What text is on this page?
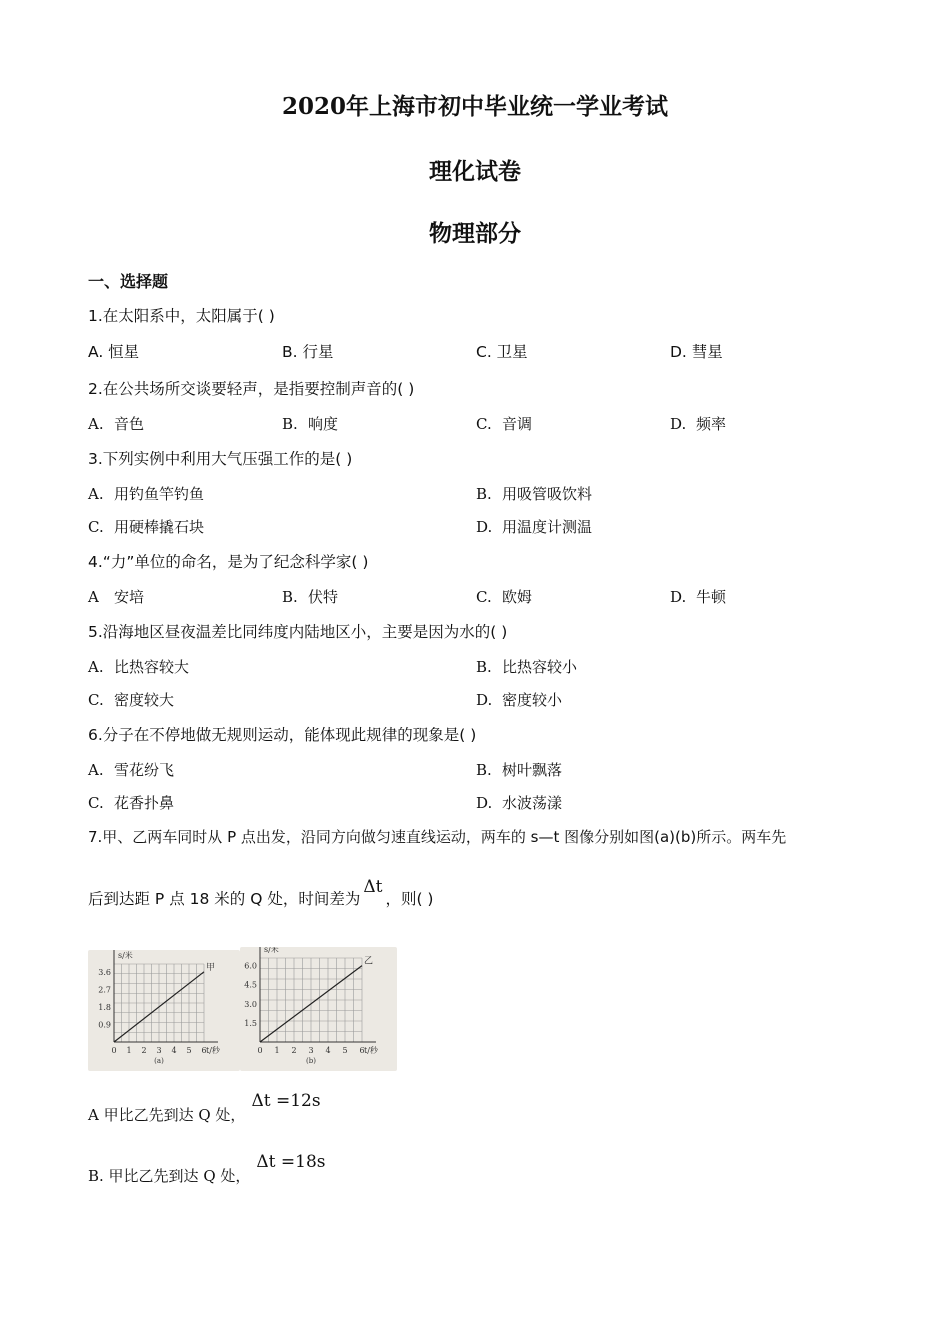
2020年上海市初中毕业统一学业考试
理化试卷
物理部分
一、选择题
1.在太阳系中，太阳属于( )
A. 恒星	B. 行星	C. 卫星	D. 彗星
2.在公共场所交谈要轻声，是指要控制声音的( )
A. 音色	B. 响度	C. 音调	D. 频率
3.下列实例中利用大气压强工作的是( )
A. 用钓鱼竿钓鱼	B. 用吸管吸饮料
C. 用硬棒撬石块	D. 用温度计测温
4.“力”单位的命名，是为了纪念科学家( )
A 安培	B. 伏特	C. 欧姆	D. 牛顿
5.沿海地区昼夜温差比同纬度内陆地区小，主要是因为水的( )
A. 比热容较大	B. 比热容较小
C. 密度较大	D. 密度较小
6.分子在不停地做无规则运动，能体现此规律的现象是( )
A. 雪花纷飞	B. 树叶飘落
C. 花香扑鼻	D. 水波荡漾
7.甲、乙两车同时从 P 点出发，沿同方向做匀速直线运动，两车的 s—t 图像分别如图(a)(b)所示。两车先
后到达距 P 点 18 米的 Q 处，时间差为Δt，则( )
0 1 2 3 4 5 6
0.9
1.8
2.7
3.6
s/米
t/秒
甲
(a)
0 1 2 3 4 5 6
1.5
3.0
4.5
6.0
s/米
t/秒
乙
(b)
A 甲比乙先到达 Q 处，Δt =12s
B. 甲比乙先到达 Q 处，Δt =18s
